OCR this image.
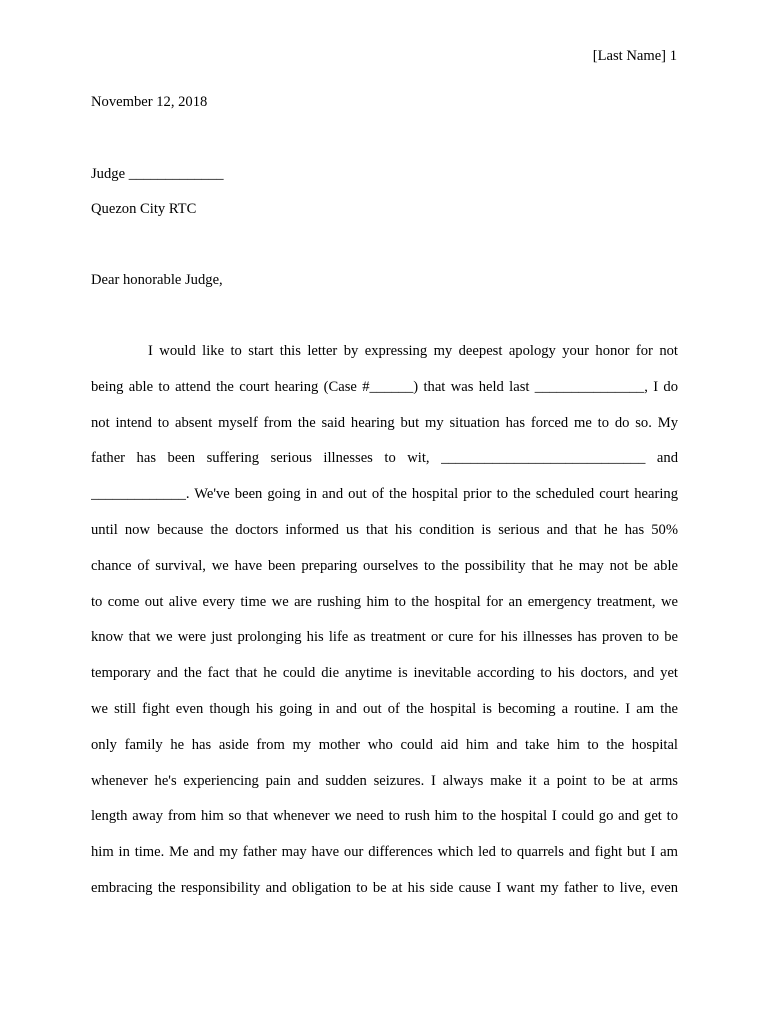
[Last Name] 1
November 12, 2018
Judge _____________
Quezon City RTC
Dear honorable Judge,
I would like to start this letter by expressing my deepest apology your honor for not
being able to attend the court hearing (Case #______) that was held last _______________, I do
not intend to absent myself from the said hearing but my situation has forced me to do so. My
father has been suffering serious illnesses to wit, ____________________________ and
_____________. We've been going in and out of the hospital prior to the scheduled court hearing
until now because the doctors informed us that his condition is serious and that he has 50%
chance of survival, we have been preparing ourselves to the possibility that he may not be able
to come out alive every time we are rushing him to the hospital for an emergency treatment, we
know that we were just prolonging his life as treatment or cure for his illnesses has proven to be
temporary and the fact that he could die anytime is inevitable according to his doctors, and yet
we still fight even though his going in and out of the hospital is becoming a routine. I am the
only family he has aside from my mother who could aid him and take him to the hospital
whenever he's experiencing pain and sudden seizures. I always make it a point to be at arms
length away from him so that whenever we need to rush him to the hospital I could go and get to
him in time. Me and my father may have our differences which led to quarrels and fight but I am
embracing the responsibility and obligation to be at his side cause I want my father to live, even
